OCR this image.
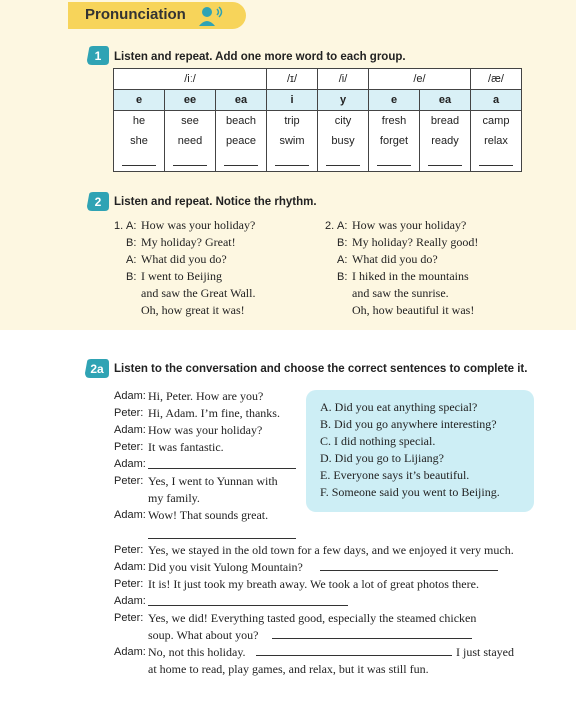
Pronunciation
1	Listen and repeat. Add one more word to each group.
/iː/			/ɪ/	/i/	/e/		/æ/
e	ee	ea	i	y	e	ea	a
he	see	beach	trip	city	fresh	bread	camp
she	need	peace	swim	busy	forget	ready	relax

2	Listen and repeat. Notice the rhythm.
1. A: How was your holiday?
B: My holiday? Great!
A: What did you do?
B: I went to Beijing
and saw the Great Wall.
Oh, how great it was!
2. A: How was your holiday?
B: My holiday? Really good!
A: What did you do?
B: I hiked in the mountains
and saw the sunrise.
Oh, how beautiful it was!
2a Listen to the conversation and choose the correct sentences to complete it.
A. Did you eat anything special?
B. Did you go anywhere interesting?
C. I did nothing special.
D. Did you go to Lijiang?
E. Everyone says it’s beautiful.
F. Someone said you went to Beijing.
Adam: Hi, Peter. How are you?
Peter: Hi, Adam. I’m fine, thanks.
Adam: How was your holiday?
Peter: It was fantastic.
Adam:
Peter: Yes, I went to Yunnan with
my family.
Adam: Wow! That sounds great.
Peter: Yes, we stayed in the old town for a few days, and we enjoyed it very much.
Adam: Did you visit Yulong Mountain?
Peter: It is! It just took my breath away. We took a lot of great photos there.
Adam:
Peter: Yes, we did! Everything tasted good, especially the steamed chicken
soup. What about you?
Adam: No, not this holiday.	I just stayed
at home to read, play games, and relax, but it was still fun.
